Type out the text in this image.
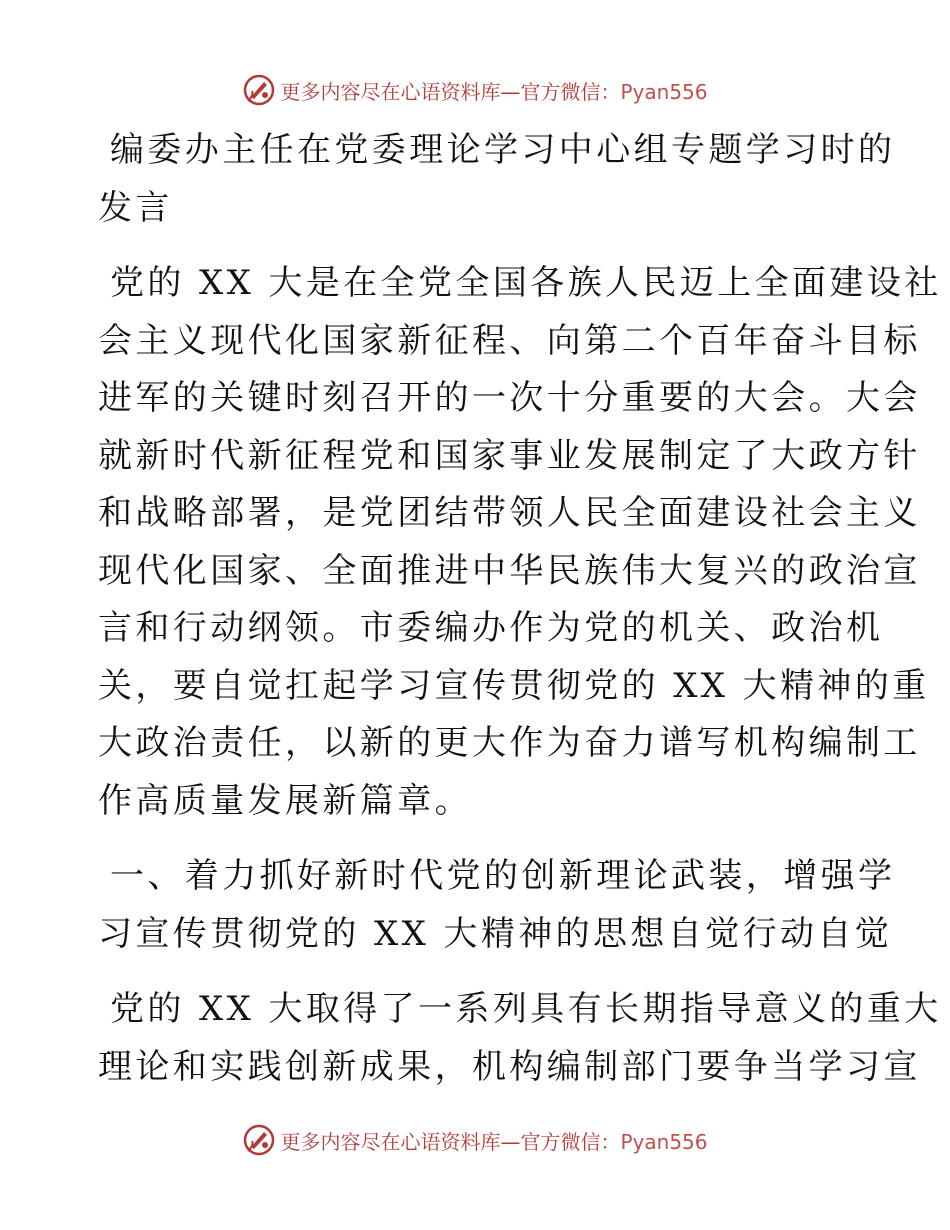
更多内容尽在心语资料库—官方微信：Pyan556
编委办主任在党委理论学习中心组专题学习时的
发言
党的 XX 大是在全党全国各族人民迈上全面建设社
会主义现代化国家新征程、向第二个百年奋斗目标
进军的关键时刻召开的一次十分重要的大会。大会
就新时代新征程党和国家事业发展制定了大政方针
和战略部署，是党团结带领人民全面建设社会主义
现代化国家、全面推进中华民族伟大复兴的政治宣
言和行动纲领。市委编办作为党的机关、政治机
关，要自觉扛起学习宣传贯彻党的 XX 大精神的重
大政治责任，以新的更大作为奋力谱写机构编制工
作高质量发展新篇章。
一、着力抓好新时代党的创新理论武装，增强学
习宣传贯彻党的 XX 大精神的思想自觉行动自觉
党的 XX 大取得了一系列具有长期指导意义的重大
理论和实践创新成果，机构编制部门要争当学习宣
更多内容尽在心语资料库—官方微信：Pyan556
